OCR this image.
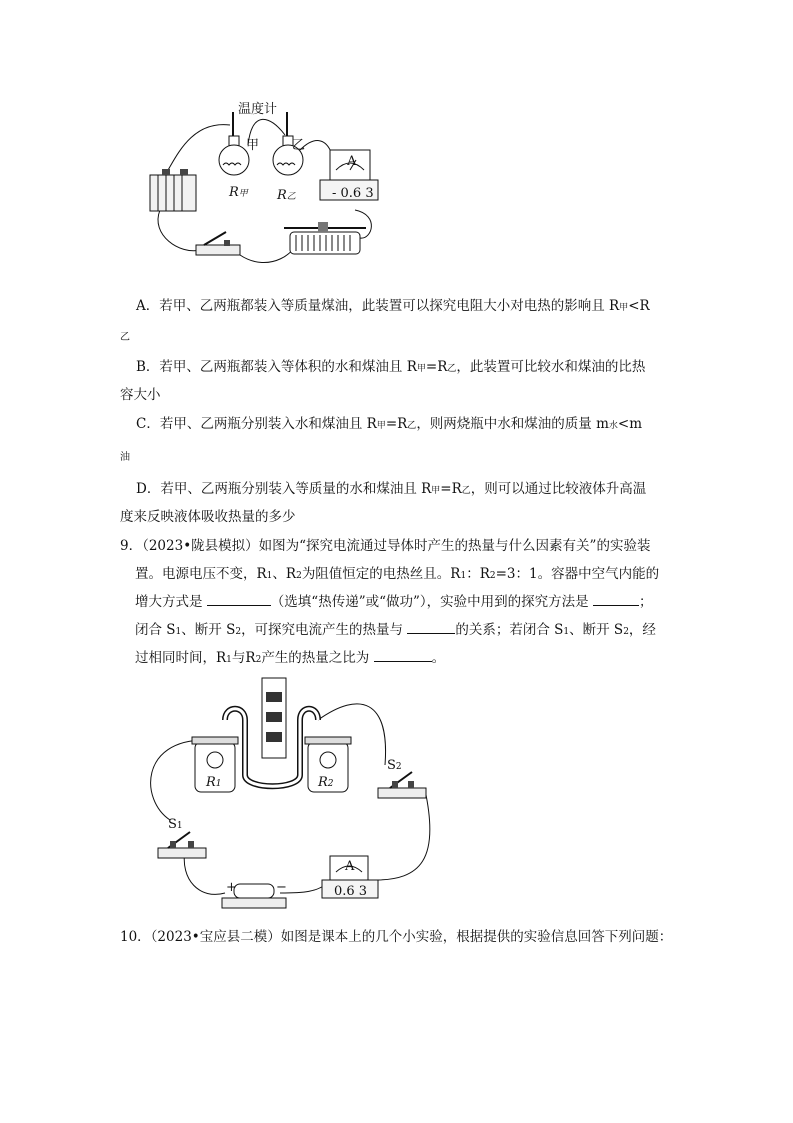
温度计
甲	乙
R甲 R乙
A
- 0.6 3
A．若甲、乙两瓶都装入等质量煤油，此装置可以探究电阻大小对电热的影响且 R甲<R
乙
B．若甲、乙两瓶都装入等体积的水和煤油且 R甲=R乙，此装置可比较水和煤油的比热
容大小
C．若甲、乙两瓶分别装入水和煤油且 R甲=R乙，则两烧瓶中水和煤油的质量 m水<m
油
D．若甲、乙两瓶分别装入等质量的水和煤油且 R甲=R乙，则可以通过比较液体升高温
度来反映液体吸收热量的多少
9．（2023•陇县模拟）如图为“探究电流通过导体时产生的热量与什么因素有关”的实验装
置。电源电压不变，R1、R2为阻值恒定的电热丝且。R1：R2=3：1。容器中空气内能的
增大方式是	（选填“热传递”或“做功”），实验中用到的探究方法是	；
闭合 S1、断开 S2，可探究电流产生的热量与	的关系；若闭合 S1、断开 S2，经
过相同时间，R1与R2产生的热量之比为	。
R1	R2
S2
S1
+	−
A
0.6 3
10．（2023•宝应县二模）如图是课本上的几个小实验，根据提供的实验信息回答下列问题：
